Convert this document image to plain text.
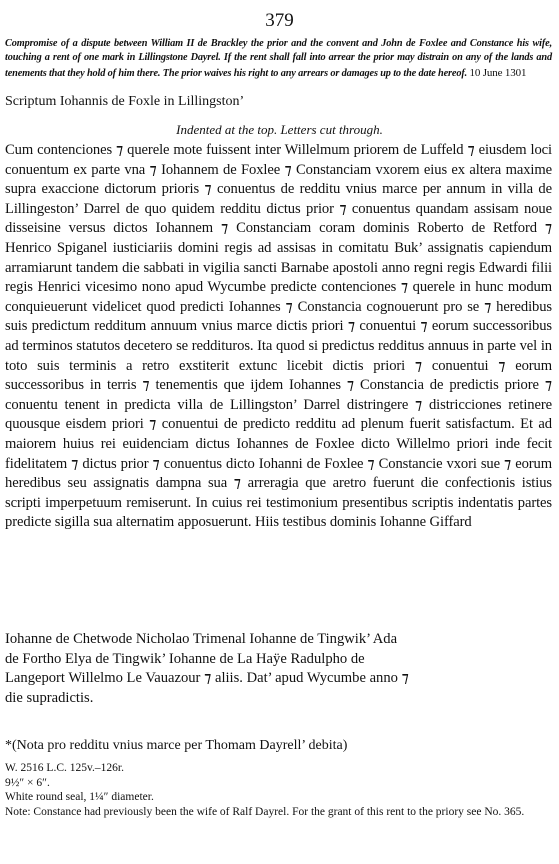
379
Compromise of a dispute between William II de Brackley the prior and the convent and John de Foxlee and Constance his wife, touching a rent of one mark in Lillingstone Dayrel. If the rent shall fall into arrear the prior may distrain on any of the lands and tenements that they hold of him there. The prior waives his right to any arrears or damages up to the date hereof. 10 June 1301
Scriptum Iohannis de Foxle in Lillingston’
Indented at the top. Letters cut through.

Cum contenciones ⁊ querele mote fuissent inter Willelmum priorem de Luffeld ⁊ eiusdem loci conuentum ex parte vna ⁊ Iohannem de Foxlee ⁊ Constanciam vxorem eius ex altera maxime supra exaccione dictorum prioris ⁊ conuentus de redditu vnius marce per annum in villa de Lillingeston’ Darrel de quo quidem redditu dictus prior ⁊ conuentus quandam assisam noue disseisine versus dictos Iohannem ⁊ Constanciam coram dominis Roberto de Retford ⁊ Henrico Spiganel iusticiariis domini regis ad assisas in comitatu Buk’ assignatis capiendum arramiarunt tandem die sabbati in vigilia sancti Barnabe apostoli anno regni regis Edwardi filii regis Henrici vicesimo nono apud Wycumbe predicte contenciones ⁊ querele in hunc modum conquieuerunt videlicet quod predicti Iohannes ⁊ Constancia cognouerunt pro se ⁊ heredibus suis predictum redditum annuum vnius marce dictis priori ⁊ conuentui ⁊ eorum successoribus ad terminos statutos decetero se reddituros. Ita quod si predictus redditus annuus in parte vel in toto suis terminis a retro exstiterit extunc licebit dictis priori ⁊ conuentui ⁊ eorum successoribus in terris ⁊ tenementis que ijdem Iohannes ⁊ Constancia de predictis priore ⁊ conuentu tenent in predicta villa de Lillingston’ Darrel distringere ⁊ districciones retinere quousque eisdem priori ⁊ conuentui de predicto redditu ad plenum fuerit satisfactum. Et ad maiorem huius rei euidenciam dictus Iohannes de Foxlee dicto Willelmo priori inde fecit fidelitatem ⁊ dictus prior ⁊ conuentus dicto Iohanni de Foxlee ⁊ Constancie vxori sue ⁊ eorum heredibus seu assignatis dampna sua ⁊ arreragia que aretro fuerunt die confectionis istius scripti imperpetuum remiserunt. In cuius rei testimonium presentibus scriptis indentatis partes predicte sigilla sua alternatim apposuerunt. Hiis testibus dominis Iohanne Giffard

Iohanne de Chetwode Nicholao Trimenal Iohanne de Tingwik’ Ada
de Fortho Elya de Tingwik’ Iohanne de La Haÿe Radulpho de
Langeport Willelmo Le Vauazour ⁊ aliis. Dat’ apud Wycumbe anno ⁊
die supradictis.
*(Nota pro redditu vnius marce per Thomam Dayrell’ debita)
W. 2516 L.C. 125v.–126r.
9½″ × 6″.
White round seal, 1¼″ diameter.
Note: Constance had previously been the wife of Ralf Dayrel. For the grant of this rent to the priory see No. 365.
